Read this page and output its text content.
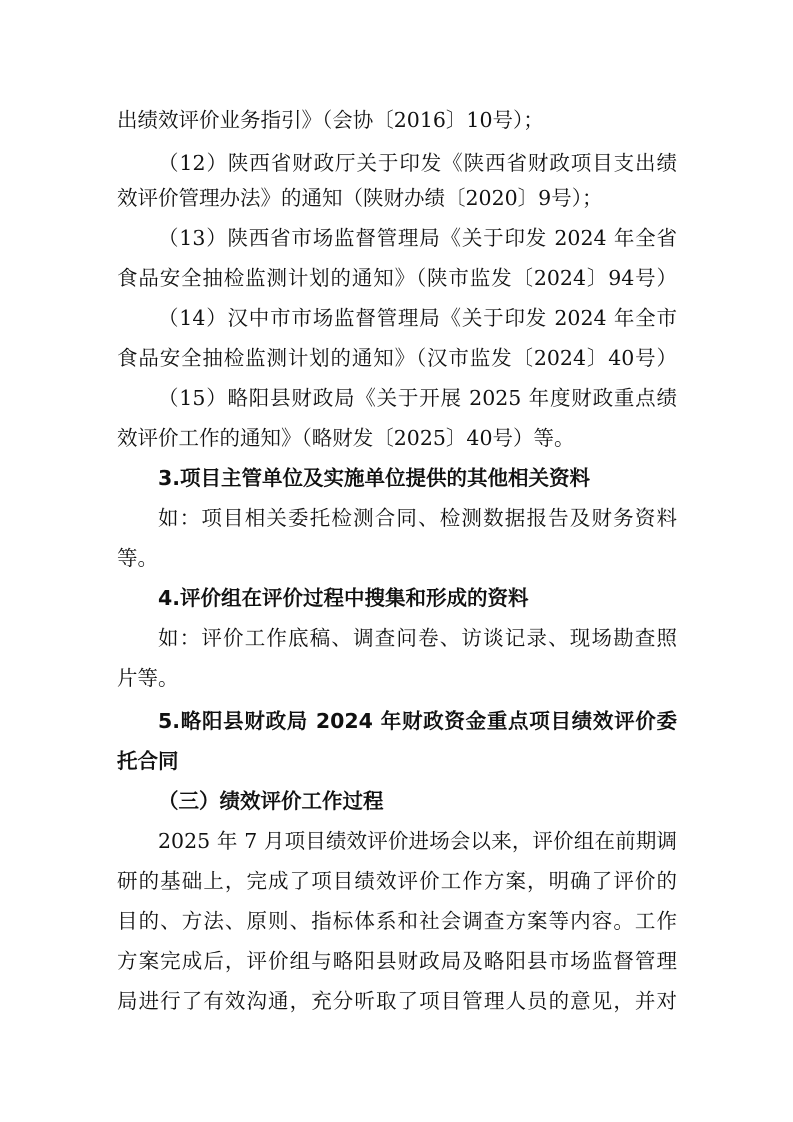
出绩效评价业务指引》（会协〔2016〕10号）；
（12）陕西省财政厅关于印发《陕西省财政项目支出绩
效评价管理办法》的通知（陕财办绩〔2020〕9号）；
（13）陕西省市场监督管理局《关于印发 2024 年全省
食品安全抽检监测计划的通知》（陕市监发〔2024〕94号）
（14）汉中市市场监督管理局《关于印发 2024 年全市
食品安全抽检监测计划的通知》（汉市监发〔2024〕40号）
（15）略阳县财政局《关于开展 2025 年度财政重点绩
效评价工作的通知》（略财发〔2025〕40号）等。
3.项目主管单位及实施单位提供的其他相关资料
如：项目相关委托检测合同、检测数据报告及财务资料
等。
4.评价组在评价过程中搜集和形成的资料
如：评价工作底稿、调查问卷、访谈记录、现场勘查照
片等。
5.略阳县财政局 2024 年财政资金重点项目绩效评价委
托合同
（三）绩效评价工作过程
2025 年 7 月项目绩效评价进场会以来，评价组在前期调
研的基础上，完成了项目绩效评价工作方案，明确了评价的
目的、方法、原则、指标体系和社会调查方案等内容。工作
方案完成后，评价组与略阳县财政局及略阳县市场监督管理
局进行了有效沟通，充分听取了项目管理人员的意见，并对
